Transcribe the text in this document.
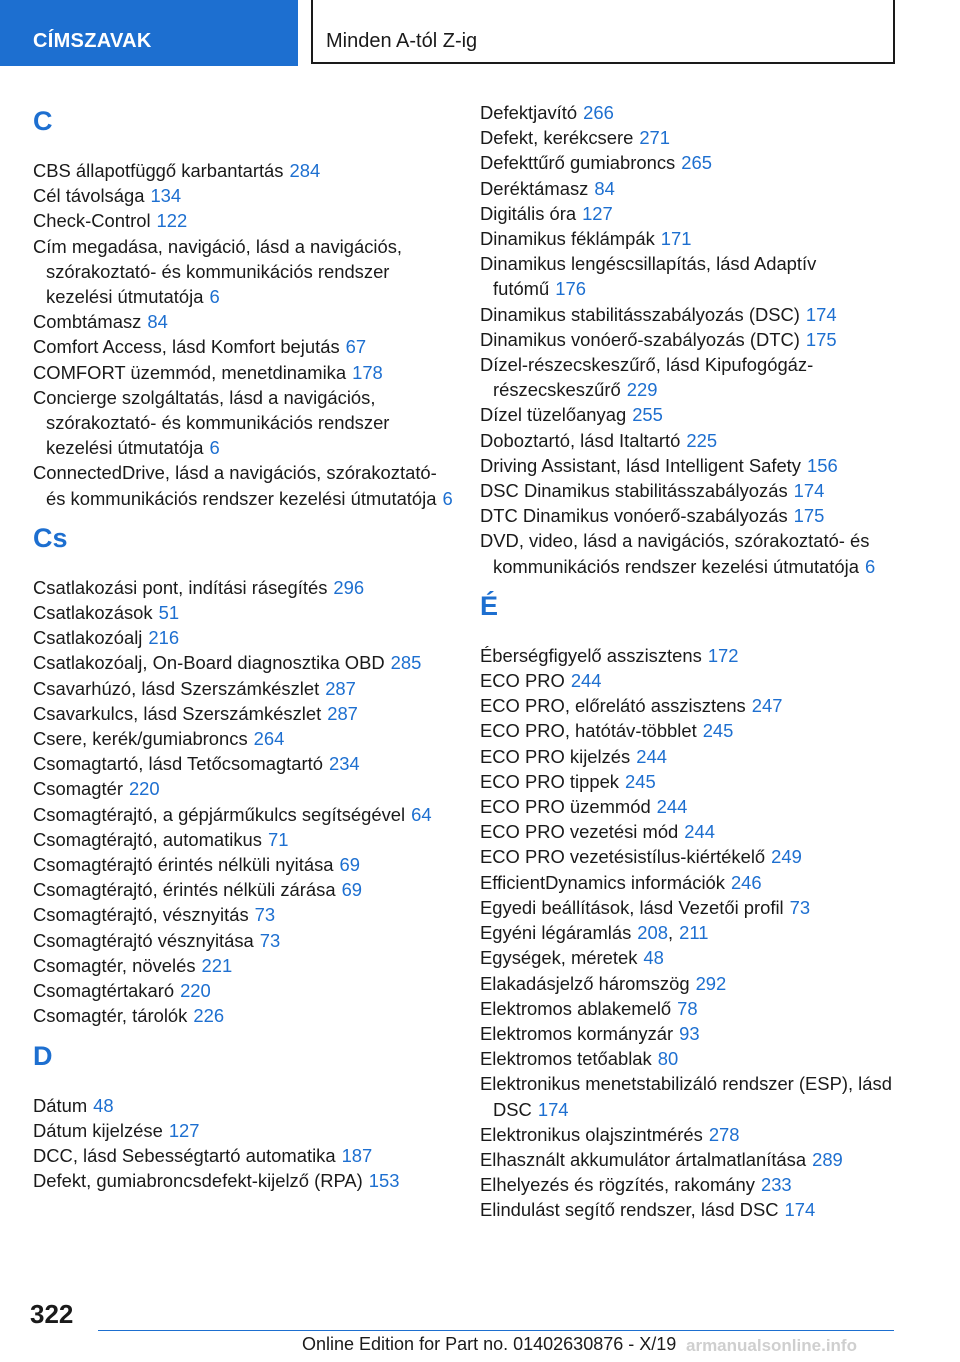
CÍMSZAVAK	Minden A-tól Z-ig
C
CBS állapotfüggő karbantartás 284
Cél távolsága 134
Check-Control 122
Cím megadása, navigáció, lásd a navigációs, szórakoztató- és kommunikációs rendszer kezelési útmutatója 6
Combtámasz 84
Comfort Access, lásd Komfort bejutás 67
COMFORT üzemmód, menetdinamika 178
Concierge szolgáltatás, lásd a navigációs, szórakoztató- és kommunikációs rendszer kezelési útmutatója 6
ConnectedDrive, lásd a navigációs, szórakoztató- és kommunikációs rendszer kezelési útmutatója 6
Cs
Csatlakozási pont, indítási rásegítés 296
Csatlakozások 51
Csatlakozóalj 216
Csatlakozóalj, On-Board diagnosztika OBD 285
Csavarhúzó, lásd Szerszámkészlet 287
Csavarkulcs, lásd Szerszámkészlet 287
Csere, kerék/gumiabroncs 264
Csomagtartó, lásd Tetőcsomagtartó 234
Csomagtér 220
Csomagtérajtó, a gépjárműkulcs segítségével 64
Csomagtérajtó, automatikus 71
Csomagtérajtó érintés nélküli nyitása 69
Csomagtérajtó, érintés nélküli zárása 69
Csomagtérajtó, vésznyitás 73
Csomagtérajtó vésznyitása 73
Csomagtér, növelés 221
Csomagtértakaró 220
Csomagtér, tárolók 226
D
Dátum 48
Dátum kijelzése 127
DCC, lásd Sebességtartó automatika 187
Defekt, gumiabroncsdefekt-kijelző (RPA) 153
Defektjavító 266
Defekt, kerékcsere 271
Defekttűrő gumiabroncs 265
Deréktámasz 84
Digitális óra 127
Dinamikus féklámpák 171
Dinamikus lengéscsillapítás, lásd Adaptív futómű 176
Dinamikus stabilitásszabályozás (DSC) 174
Dinamikus vonóerő-szabályozás (DTC) 175
Dízel-részecskeszűrő, lásd Kipufogógáz-részecskeszűrő 229
Dízel tüzelőanyag 255
Doboztartó, lásd Italtartó 225
Driving Assistant, lásd Intelligent Safety 156
DSC Dinamikus stabilitásszabályozás 174
DTC Dinamikus vonóerő-szabályozás 175
DVD, video, lásd a navigációs, szórakoztató- és kommunikációs rendszer kezelési útmutatója 6
É
Éberségfigyelő asszisztens 172
ECO PRO 244
ECO PRO, előrelátó asszisztens 247
ECO PRO, hatótáv-többlet 245
ECO PRO kijelzés 244
ECO PRO tippek 245
ECO PRO üzemmód 244
ECO PRO vezetési mód 244
ECO PRO vezetésistílus-kiértékelő 249
EfficientDynamics információk 246
Egyedi beállítások, lásd Vezetői profil 73
Egyéni légáramlás 208, 211
Egységek, méretek 48
Elakadásjelző háromszög 292
Elektromos ablakemelő 78
Elektromos kormányzár 93
Elektromos tetőablak 80
Elektronikus menetstabilizáló rendszer (ESP), lásd DSC 174
Elektronikus olajszintmérés 278
Elhasznált akkumulátor ártalmatlanítása 289
Elhelyezés és rögzítés, rakomány 233
Elindulást segítő rendszer, lásd DSC 174
322
Online Edition for Part no. 01402630876 - X/19 armanualsonline.info
